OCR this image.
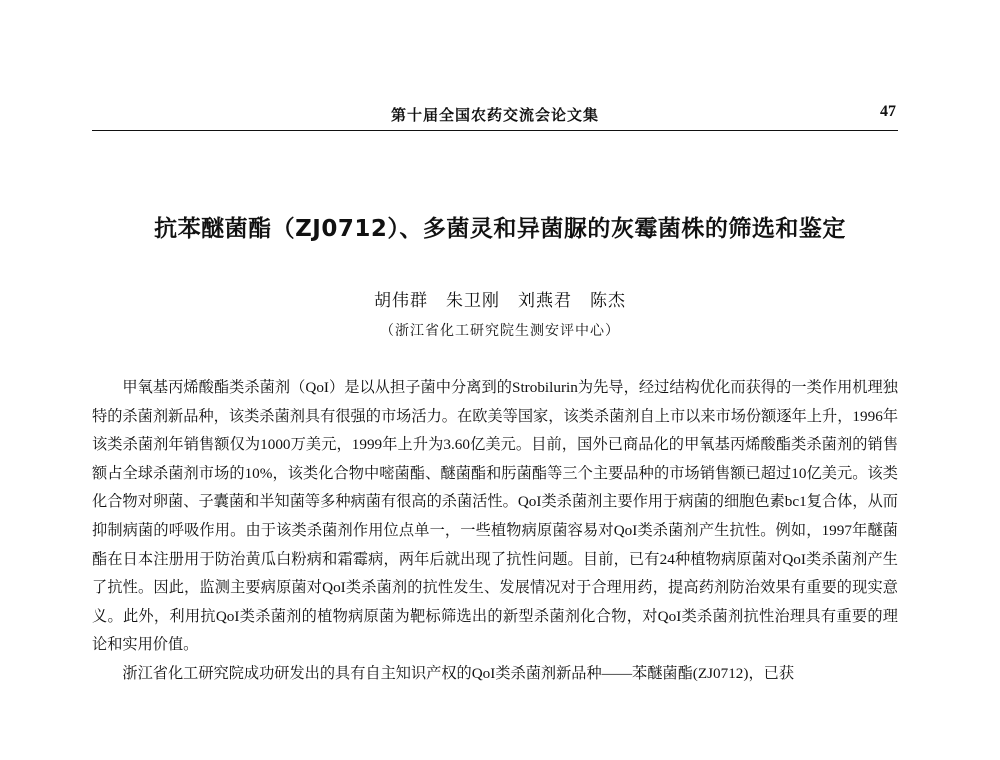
第十届全国农药交流会论文集	47
抗苯醚菌酯（ZJ0712）、多菌灵和异菌脲的灰霉菌株的筛选和鉴定
胡伟群　朱卫刚　刘燕君　陈杰
（浙江省化工研究院生测安评中心）

甲氧基丙烯酸酯类杀菌剂（QoI）是以从担子菌中分离到的Strobilurin为先导，经过结构优化而获得的一类作用机理独特的杀菌剂新品种，该类杀菌剂具有很强的市场活力。在欧美等国家，该类杀菌剂自上市以来市场份额逐年上升，1996年该类杀菌剂年销售额仅为1000万美元，1999年上升为3.60亿美元。目前，国外已商品化的甲氧基丙烯酸酯类杀菌剂的销售额占全球杀菌剂市场的10%，该类化合物中嘧菌酯、醚菌酯和肟菌酯等三个主要品种的市场销售额已超过10亿美元。该类化合物对卵菌、子囊菌和半知菌等多种病菌有很高的杀菌活性。QoI类杀菌剂主要作用于病菌的细胞色素bc1复合体，从而抑制病菌的呼吸作用。由于该类杀菌剂作用位点单一，一些植物病原菌容易对QoI类杀菌剂产生抗性。例如，1997年醚菌酯在日本注册用于防治黄瓜白粉病和霜霉病，两年后就出现了抗性问题。目前，已有24种植物病原菌对QoI类杀菌剂产生了抗性。因此，监测主要病原菌对QoI类杀菌剂的抗性发生、发展情况对于合理用药，提高药剂防治效果有重要的现实意义。此外，利用抗QoI类杀菌剂的植物病原菌为靶标筛选出的新型杀菌剂化合物，对QoI类杀菌剂抗性治理具有重要的理论和实用价值。

浙江省化工研究院成功研发出的具有自主知识产权的QoI类杀菌剂新品种——苯醚菌酯(ZJ0712)，已获
